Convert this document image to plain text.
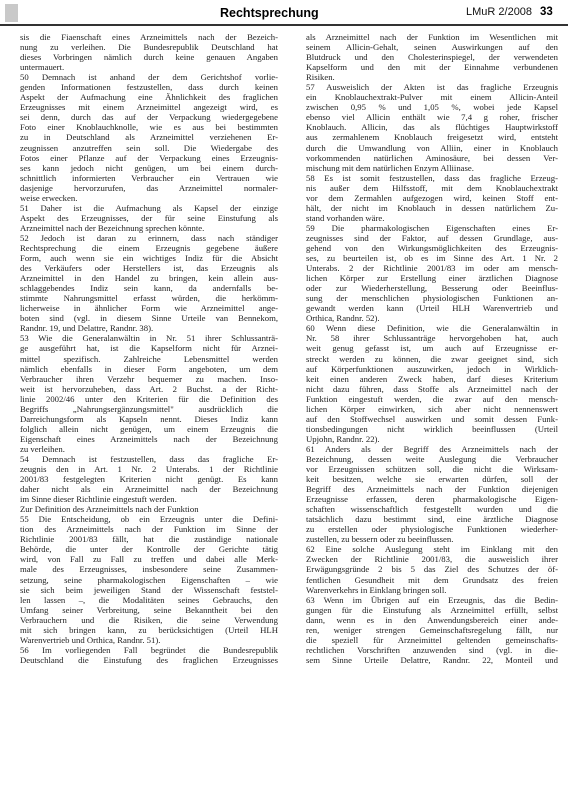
Rechtsprechung	LMuR 2/2008 33
sis die Fiaenschaft eines Arzneimittels nach der Bezeich-
nung zu verleihen. Die Bundesrepublik Deutschland hat
dieses Vorbringen nämlich durch keine genauen Angaben
untermauert.
50 Demnach ist anhand der dem Gerichtshof vorlie-
genden Informationen festzustellen, dass durch keinen
Aspekt der Aufmachung eine Ähnlichkeit des fraglichen
Erzeugnisses mit einem Arzneimittel angezeigt wird, es
sei denn, durch das auf der Verpackung wiedergegebene
Foto einer Knoblauchknolle, wie es aus bei bestimmten
zu in Deutschland als Arzneimittel verziehenen Er-
zeugnissen anzutreffen sein soll. Die Wiedergabe des
Fotos einer Pflanze auf der Verpackung eines Erzeugnis-
ses kann jedoch nicht genügen, um bei einem durch-
schnittlich informierten Verbraucher ein Vertrauen wie
dasjenige hervorzurufen, das Arzneimittel normaler-
weise erwecken.
51 Daher ist die Aufmachung als Kapsel der einzige
Aspekt des Erzeugnisses, der für seine Einstufung als
Arzneimittel nach der Bezeichnung sprechen könnte.
52 Jedoch ist daran zu erinnern, dass nach ständiger
Rechtsprechung die einem Erzeugnis gegebene äußere
Form, auch wenn sie ein wichtiges Indiz für die Absicht
des Verkäufers oder Herstellers ist, das Erzeugnis als
Arzneimittel in den Handel zu bringen, kein allein aus-
schlaggebendes Indiz sein kann, da andernfalls be-
stimmte Nahrungsmittel erfasst würden, die herkömm-
licherweise in ähnlicher Form wie Arzneimittel ange-
boten sind (vgl. in diesem Sinne Urteile van Bennekom,
Randnr. 19, und Delattre, Randnr. 38).
53 Wie die Generalanwältin in Nr. 51 ihrer Schlussanträ-
ge ausgeführt hat, ist die Kapselform nicht für Arznei-
mittel spezifisch. Zahlreiche Lebensmittel werden
nämlich ebenfalls in dieser Form angeboten, um dem
Verbraucher ihren Verzehr bequemer zu machen. Inso-
weit ist hervorzuheben, dass Art. 2 Buchst. a der Richt-
linie 2002/46 unter den Kriterien für die Definition des
Begriffs „Nahrungsergänzungsmittel" ausdrücklich die
Darreichungsform als Kapseln nennt. Dieses Indiz kann
folglich allein nicht genügen, um einem Erzeugnis die
Eigenschaft eines Arzneimittels nach der Bezeichnung
zu verleihen.
54 Demnach ist festzustellen, dass das fragliche Er-
zeugnis den in Art. 1 Nr. 2 Unterabs. 1 der Richtlinie
2001/83 festgelegten Kriterien nicht genügt. Es kann
daher nicht als ein Arzneimittel nach der Bezeichnung
im Sinne dieser Richtlinie eingestuft werden.
Zur Definition des Arzneimittels nach der Funktion
55 Die Entscheidung, ob ein Erzeugnis unter die Defini-
tion des Arzneimittels nach der Funktion im Sinne der
Richtlinie 2001/83 fällt, hat die zuständige nationale
Behörde, die unter der Kontrolle der Gerichte tätig
wird, von Fall zu Fall zu treffen und dabei alle Merk-
male des Erzeugnisses, insbesondere seine Zusammen-
setzung, seine pharmakologischen Eigenschaften – wie
sie sich beim jeweiligen Stand der Wissenschaft feststel-
len lassen –, die Modalitäten seines Gebrauchs, den
Umfang seiner Verbreitung, seine Bekanntheit bei den
Verbrauchern und die Risiken, die seine Verwendung
mit sich bringen kann, zu berücksichtigen (Urteil HLH
Warenvertrieb und Orthica, Randnr. 51).
56 Im vorliegenden Fall begründet die Bundesrepublik
Deutschland die Einstufung des fraglichen Erzeugnisses
als Arzneimittel nach der Funktion im Wesentlichen mit
seinem Allicin-Gehalt, seinen Auswirkungen auf den
Blutdruck und den Cholesterinspiegel, der verwendeten
Kapselform und den mit der Einnahme verbundenen
Risiken.
57 Ausweislich der Akten ist das fragliche Erzeugnis
ein Knoblauchextrakt-Pulver mit einem Allicin-Anteil
zwischen 0,95 % und 1,05 %, wobei jede Kapsel
ebenso viel Allicin enthält wie 7,4 g roher, frischer
Knoblauch. Allicin, das als flüchtiges Hauptwirkstoff
aus zermahlenem Knoblauch freigesetzt wird, entsteht
durch die Umwandlung von Alliin, einer in Knoblauch
vorkommenden natürlichen Aminosäure, bei dessen Ver-
mischung mit dem natürlichen Enzym Alliinase.
58 Es ist somit festzustellen, dass das fragliche Erzeug-
nis außer dem Hilfsstoff, mit dem Knoblauchextrakt
vor dem Zermahlen aufgezogen wird, keinen Stoff ent-
hält, der nicht im Knoblauch in dessen natürlichem Zu-
stand vorhanden wäre.
59 Die pharmakologischen Eigenschaften eines Er-
zeugnisses sind der Faktor, auf dessen Grundlage, aus-
gehend von den Wirkungsmöglichkeiten des Erzeugnis-
ses, zu beurteilen ist, ob es im Sinne des Art. 1 Nr. 2
Unterabs. 2 der Richtlinie 2001/83 im oder am mensch-
lichen Körper zur Erstellung einer ärztlichen Diagnose
oder zur Wiederherstellung, Besserung oder Beeinflus-
sung der menschlichen physiologischen Funktionen an-
gewandt werden kann (Urteil HLH Warenvertrieb und
Orthica, Randnr. 52).
60 Wenn diese Definition, wie die Generalanwältin in
Nr. 58 ihrer Schlussanträge hervorgehoben hat, auch
weit genug gefasst ist, um auch auf Erzeugnisse er-
streckt werden zu können, die zwar geeignet sind, sich
auf Körperfunktionen auszuwirken, jedoch in Wirklich-
keit einen anderen Zweck haben, darf dieses Kriterium
nicht dazu führen, dass Stoffe als Arzneimittel nach der
Funktion eingestuft werden, die zwar auf den mensch-
lichen Körper einwirken, sich aber nicht nennenswert
auf den Stoffwechsel auswirken und somit dessen Funk-
tionsbedingungen nicht wirklich beeinflussen (Urteil
Upjohn, Randnr. 22).
61 Anders als der Begriff des Arzneimittels nach der
Bezeichnung, dessen weite Auslegung die Verbraucher
vor Erzeugnissen schützen soll, die nicht die Wirksam-
keit besitzen, welche sie erwarten dürfen, soll der
Begriff des Arzneimittels nach der Funktion diejenigen
Erzeugnisse erfassen, deren pharmakologische Eigen-
schaften wissenschaftlich festgestellt wurden und die
tatsächlich dazu bestimmt sind, eine ärztliche Diagnose
zu erstellen oder physiologische Funktionen wiederher-
zustellen, zu bessern oder zu beeinflussen.
62 Eine solche Auslegung steht im Einklang mit den
Zwecken der Richtlinie 2001/83, die ausweislich ihrer
Erwägungsgründe 2 bis 5 das Ziel des Schutzes der öf-
fentlichen Gesundheit mit dem Grundsatz des freien
Warenverkehrs in Einklang bringen soll.
63 Wenn im Übrigen auf ein Erzeugnis, das die Bedin-
gungen für die Einstufung als Arzneimittel erfüllt, selbst
dann, wenn es in den Anwendungsbereich einer ande-
ren, weniger strengen Gemeinschaftsregelung fällt, nur
die speziell für Arzneimittel geltenden gemeinschafts-
rechtlichen Vorschriften anzuwenden sind (vgl. in die-
sem Sinne Urteile Delattre, Randnr. 22, Monteil und
